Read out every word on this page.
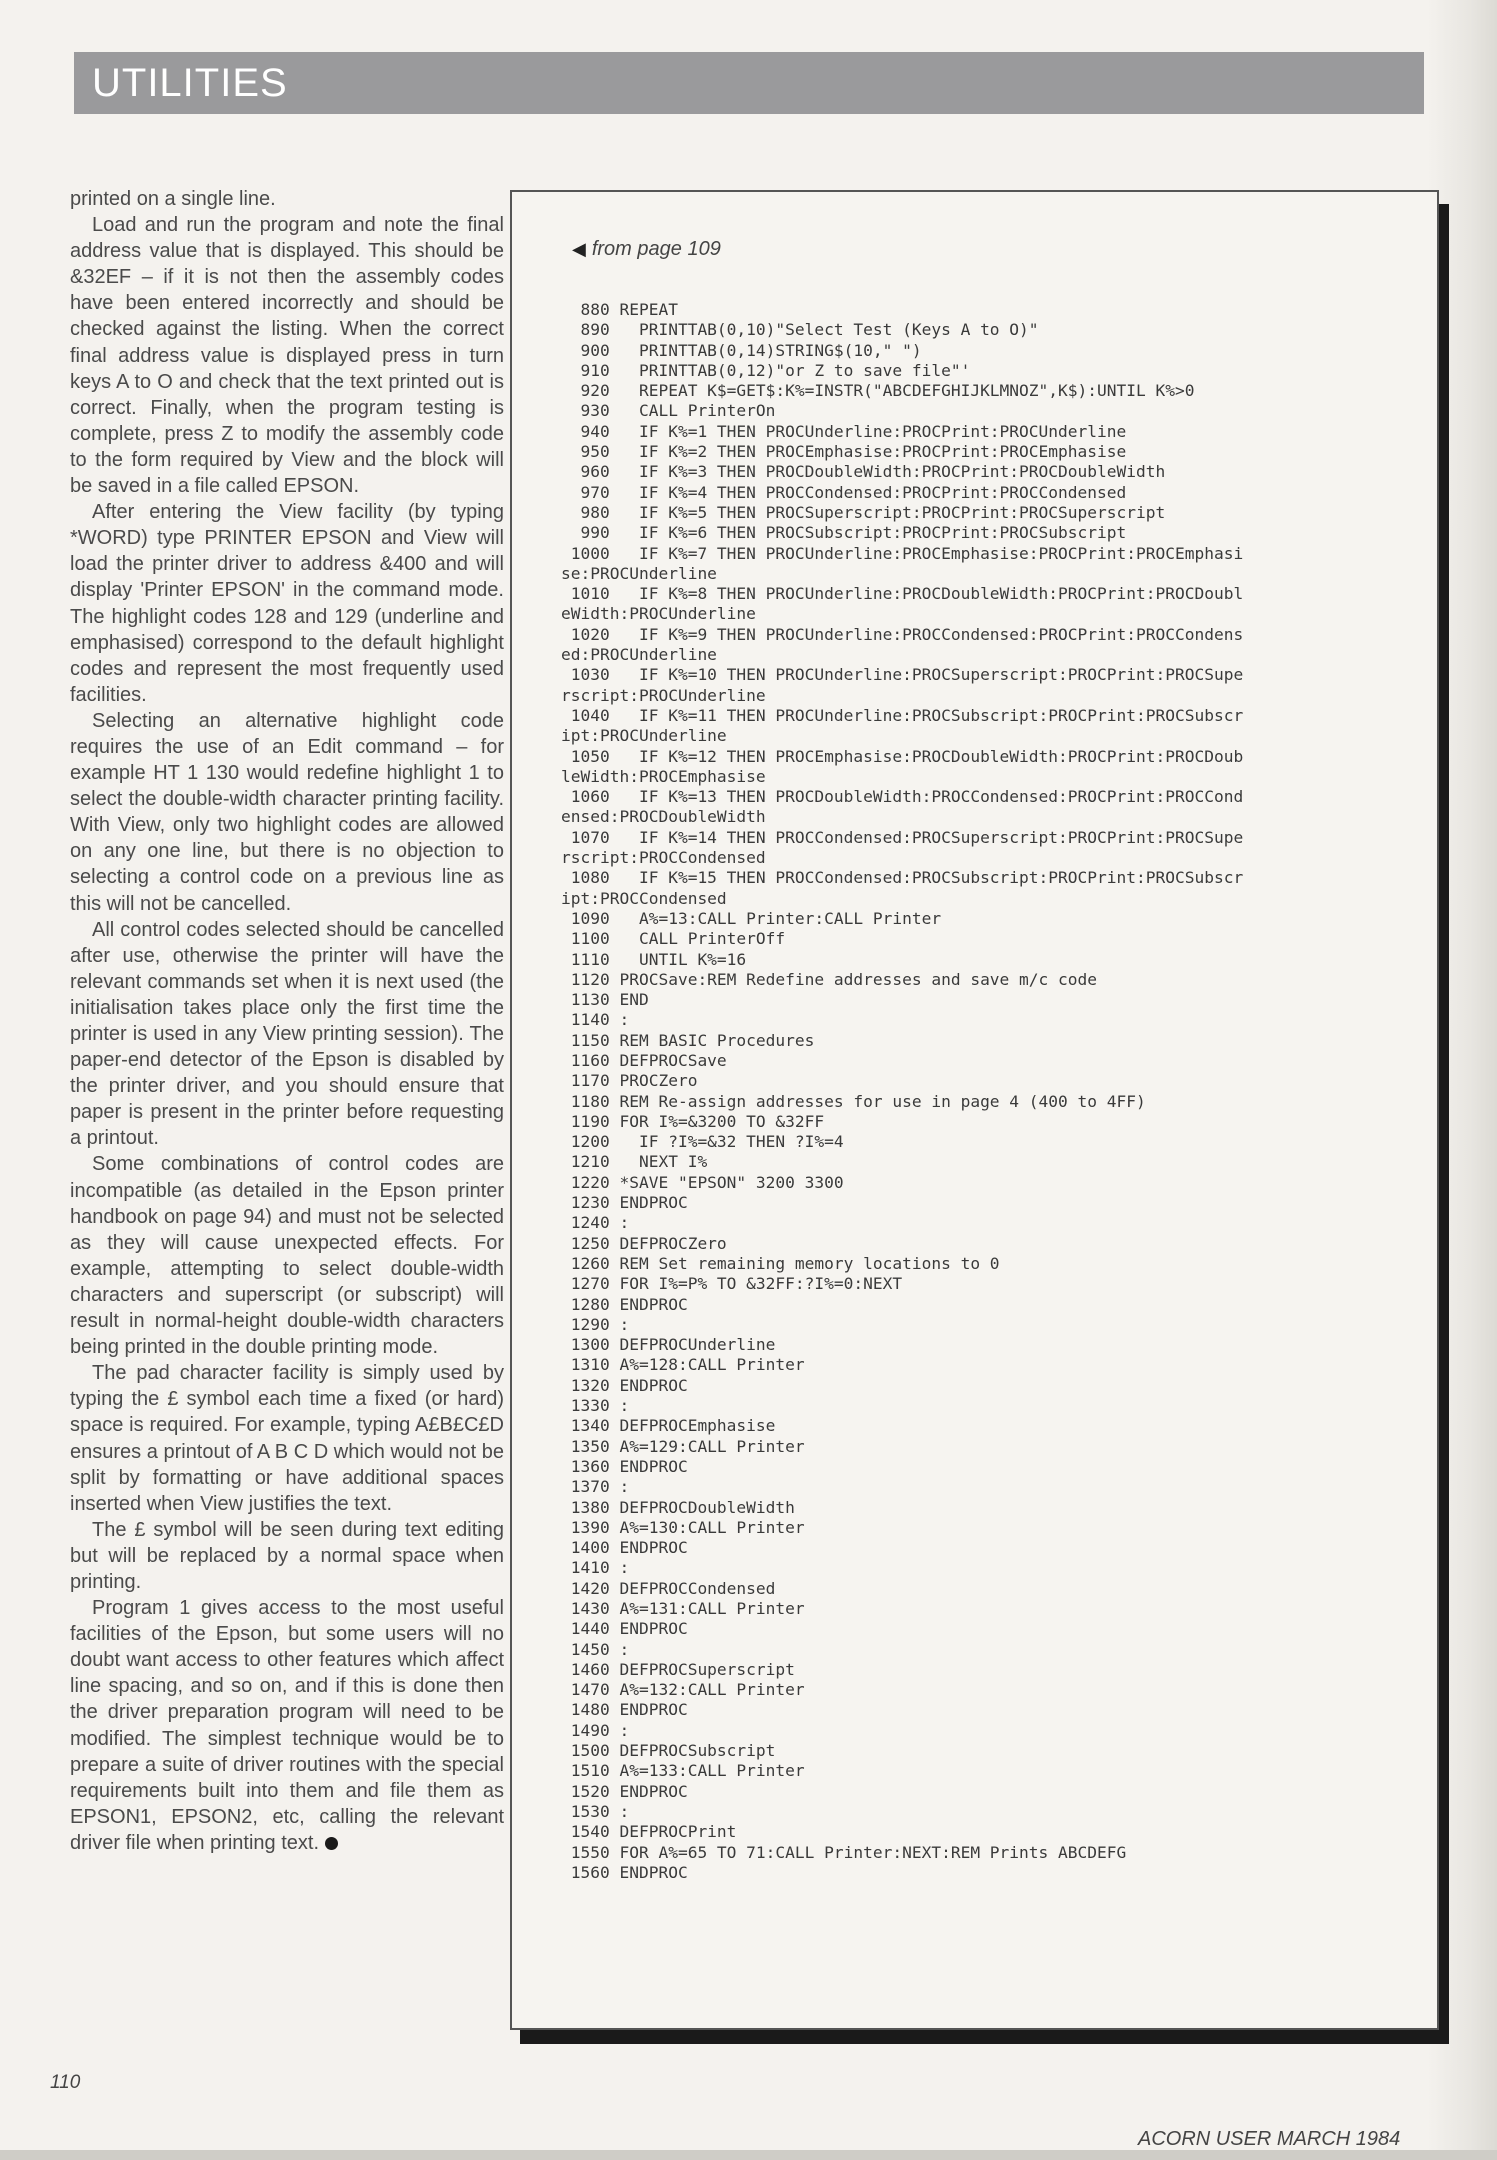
UTILITIES

printed on a single line.

Load and run the program and note the final address value that is displayed. This should be &32EF – if it is not then the assembly codes have been entered incorrectly and should be checked against the listing. When the correct final address value is displayed press in turn keys A to O and check that the text printed out is correct. Finally, when the program testing is complete, press Z to modify the assembly code to the form required by View and the block will be saved in a file called EPSON.

After entering the View facility (by typing *WORD) type PRINTER EPSON and View will load the printer driver to address &400 and will display 'Printer EPSON' in the command mode. The highlight codes 128 and 129 (underline and emphasised) correspond to the default highlight codes and represent the most frequently used facilities.

Selecting an alternative highlight code requires the use of an Edit command – for example HT 1 130 would redefine highlight 1 to select the double-width character printing facility. With View, only two highlight codes are allowed on any one line, but there is no objection to selecting a control code on a previous line as this will not be cancelled.

All control codes selected should be cancelled after use, otherwise the printer will have the relevant commands set when it is next used (the initialisation takes place only the first time the printer is used in any View printing session). The paper-end detector of the Epson is disabled by the printer driver, and you should ensure that paper is present in the printer before requesting a printout.

Some combinations of control codes are incompatible (as detailed in the Epson printer handbook on page 94) and must not be selected as they will cause unexpected effects. For example, attempting to select double-width characters and superscript (or subscript) will result in normal-height double-width characters being printed in the double printing mode.

The pad character facility is simply used by typing the £ symbol each time a fixed (or hard) space is required. For example, typing A£B£C£D ensures a printout of A B C D which would not be split by formatting or have additional spaces inserted when View justifies the text.

The £ symbol will be seen during text editing but will be replaced by a normal space when printing.

Program 1 gives access to the most useful facilities of the Epson, but some users will no doubt want access to other features which affect line spacing, and so on, and if this is done then the driver preparation program will need to be modified. The simplest technique would be to prepare a suite of driver routines with the special requirements built into them and file them as EPSON1, EPSON2, etc, calling the relevant driver file when printing text.

◀ from page 109
880 REPEAT
890   PRINTTAB(0,10)"Select Test (Keys A to O)"
900   PRINTTAB(0,14)STRING$(10," ")
910   PRINTTAB(0,12)"or Z to save file"'
920   REPEAT K$=GET$:K%=INSTR("ABCDEFGHIJKLMNOZ",K$):UNTIL K%>0
930   CALL PrinterOn
940   IF K%=1 THEN PROCUnderline:PROCPrint:PROCUnderline
950   IF K%=2 THEN PROCEmphasise:PROCPrint:PROCEmphasise
960   IF K%=3 THEN PROCDoubleWidth:PROCPrint:PROCDoubleWidth
970   IF K%=4 THEN PROCCondensed:PROCPrint:PROCCondensed
980   IF K%=5 THEN PROCSuperscript:PROCPrint:PROCSuperscript
990   IF K%=6 THEN PROCSubscript:PROCPrint:PROCSubscript
1000   IF K%=7 THEN PROCUnderline:PROCEmphasise:PROCPrint:PROCEmphasi
se:PROCUnderline
1010   IF K%=8 THEN PROCUnderline:PROCDoubleWidth:PROCPrint:PROCDoubl
eWidth:PROCUnderline
1020   IF K%=9 THEN PROCUnderline:PROCCondensed:PROCPrint:PROCCondens
ed:PROCUnderline
1030   IF K%=10 THEN PROCUnderline:PROCSuperscript:PROCPrint:PROCSupe
rscript:PROCUnderline
1040   IF K%=11 THEN PROCUnderline:PROCSubscript:PROCPrint:PROCSubscr
ipt:PROCUnderline
1050   IF K%=12 THEN PROCEmphasise:PROCDoubleWidth:PROCPrint:PROCDoub
leWidth:PROCEmphasise
1060   IF K%=13 THEN PROCDoubleWidth:PROCCondensed:PROCPrint:PROCCond
ensed:PROCDoubleWidth
1070   IF K%=14 THEN PROCCondensed:PROCSuperscript:PROCPrint:PROCSupe
rscript:PROCCondensed
1080   IF K%=15 THEN PROCCondensed:PROCSubscript:PROCPrint:PROCSubscr
ipt:PROCCondensed
1090   A%=13:CALL Printer:CALL Printer
1100   CALL PrinterOff
1110   UNTIL K%=16
1120 PROCSave:REM Redefine addresses and save m/c code
1130 END
1140 :
1150 REM BASIC Procedures
1160 DEFPROCSave
1170 PROCZero
1180 REM Re-assign addresses for use in page 4 (400 to 4FF)
1190 FOR I%=&3200 TO &32FF
1200   IF ?I%=&32 THEN ?I%=4
1210   NEXT I%
1220 *SAVE "EPSON" 3200 3300
1230 ENDPROC
1240 :
1250 DEFPROCZero
1260 REM Set remaining memory locations to 0
1270 FOR I%=P% TO &32FF:?I%=0:NEXT
1280 ENDPROC
1290 :
1300 DEFPROCUnderline
1310 A%=128:CALL Printer
1320 ENDPROC
1330 :
1340 DEFPROCEmphasise
1350 A%=129:CALL Printer
1360 ENDPROC
1370 :
1380 DEFPROCDoubleWidth
1390 A%=130:CALL Printer
1400 ENDPROC
1410 :
1420 DEFPROCCondensed
1430 A%=131:CALL Printer
1440 ENDPROC
1450 :
1460 DEFPROCSuperscript
1470 A%=132:CALL Printer
1480 ENDPROC
1490 :
1500 DEFPROCSubscript
1510 A%=133:CALL Printer
1520 ENDPROC
1530 :
1540 DEFPROCPrint
1550 FOR A%=65 TO 71:CALL Printer:NEXT:REM Prints ABCDEFG
1560 ENDPROC
110
ACORN USER MARCH 1984
